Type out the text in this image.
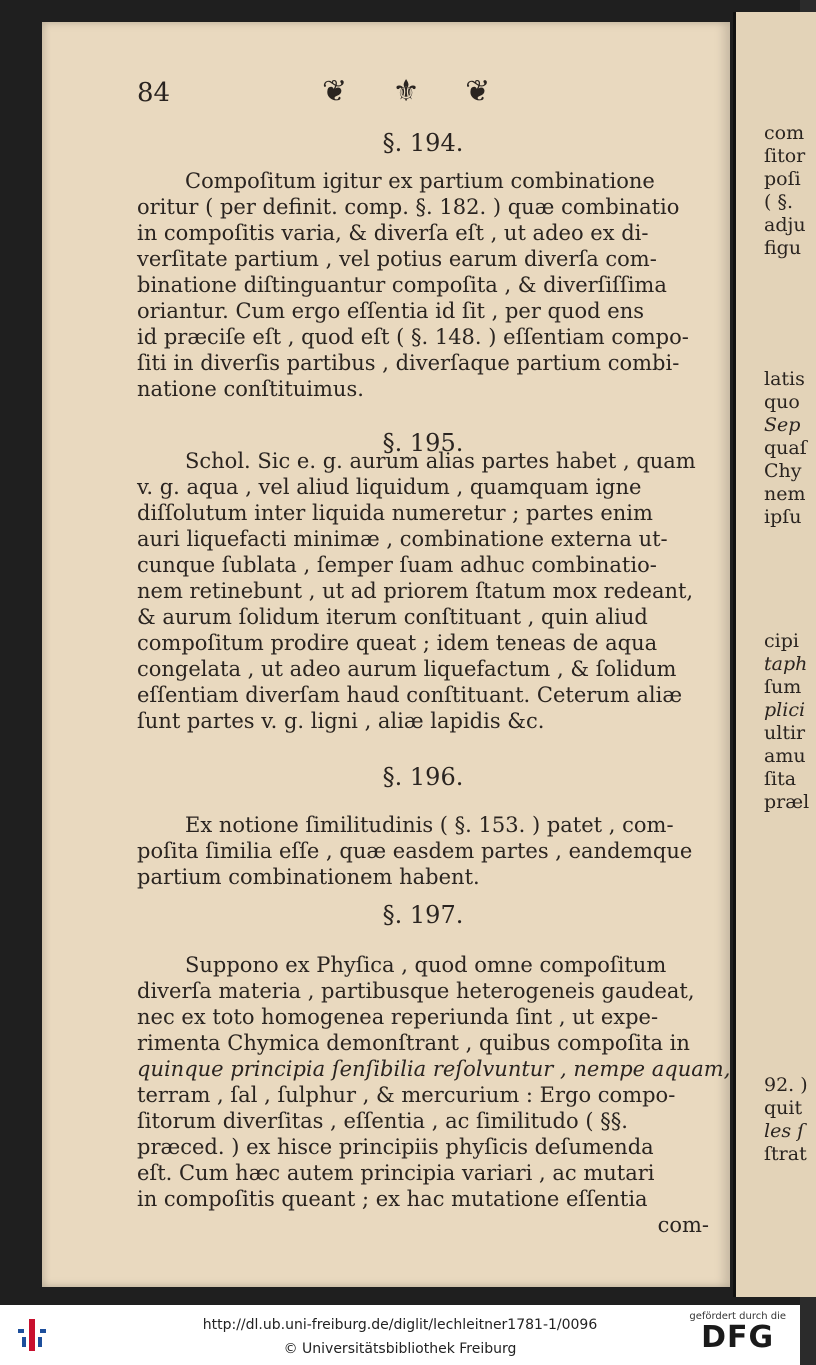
84	❦ ⚜ ❦
§. 194.
Compoſitum igitur ex partium combinatione
oritur ( per definit. comp. §. 182. ) quæ combinatio
in compoſitis varia, & diverſa eſt , ut adeo ex di-
verſitate partium , vel potius earum diverſa com-
binatione diſtinguantur compoſita , & diverſiſſima
oriantur. Cum ergo eſſentia id ſit , per quod ens
id præciſe eſt , quod eſt ( §. 148. ) eſſentiam compo-
ſiti in diverſis partibus , diverſaque partium combi-
natione conſtituimus.
§. 195.
Schol. Sic e. g. aurum alias partes habet , quam
v. g. aqua , vel aliud liquidum , quamquam igne
diſſolutum inter liquida numeretur ; partes enim
auri liquefacti minimæ , combinatione externa ut-
cunque ſublata , ſemper ſuam adhuc combinatio-
nem retinebunt , ut ad priorem ſtatum mox redeant,
& aurum ſolidum iterum conſtituant , quin aliud
compoſitum prodire queat ; idem teneas de aqua
congelata , ut adeo aurum liquefactum , & ſolidum
eſſentiam diverſam haud conſtituant. Ceterum aliæ
ſunt partes v. g. ligni , aliæ lapidis &c.
§. 196.
Ex notione ſimilitudinis ( §. 153. ) patet , com-
poſita ſimilia eſſe , quæ easdem partes , eandemque
partium combinationem habent.
§. 197.
Suppono ex Phyſica , quod omne compoſitum
diverſa materia , partibusque heterogeneis gaudeat,
nec ex toto homogenea reperiunda ſint , ut expe-
rimenta Chymica demonſtrant , quibus compoſita in
quinque principia ſenſibilia reſolvuntur , nempe aquam,
terram , ſal , ſulphur , & mercurium : Ergo compo-
ſitorum diverſitas , eſſentia , ac ſimilitudo ( §§.
præced. ) ex hisce principiis phyſicis deſumenda
eſt. Cum hæc autem principia variari , ac mutari
in compoſitis queant ; ex hac mutatione eſſentia
com-
com
ſitor
poſi
( §.
adju
figu
latis
quo
Sep
quaſ
Chy
nem
ipſu
cipi
taph
ſum
plici
ultir
amu
ſita
præl
92. )
quit
les ſ
ſtrat
http://dl.ub.uni-freiburg.de/diglit/lechleitner1781-1/0096
© Universitätsbibliothek Freiburg
gefördert durch die
DFG
